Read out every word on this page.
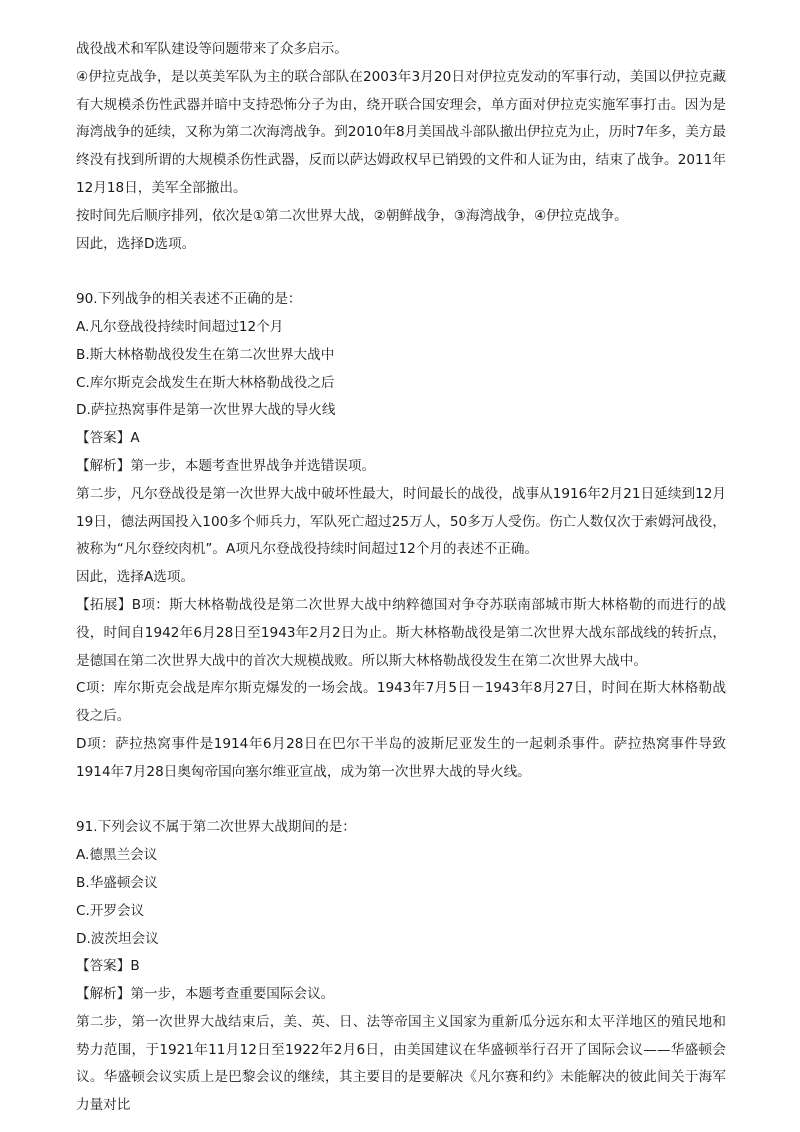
战役战术和军队建设等问题带来了众多启示。

④伊拉克战争，是以英美军队为主的联合部队在2003年3月20日对伊拉克发动的军事行动，美国以伊拉克藏有大规模杀伤性武器并暗中支持恐怖分子为由，绕开联合国安理会，单方面对伊拉克实施军事打击。因为是海湾战争的延续，又称为第二次海湾战争。到2010年8月美国战斗部队撤出伊拉克为止，历时7年多，美方最终没有找到所谓的大规模杀伤性武器，反而以萨达姆政权早已销毁的文件和人证为由，结束了战争。2011年12月18日，美军全部撤出。

按时间先后顺序排列，依次是①第二次世界大战，②朝鲜战争，③海湾战争，④伊拉克战争。

因此，选择D选项。

90.下列战争的相关表述不正确的是：

A.凡尔登战役持续时间超过12个月

B.斯大林格勒战役发生在第二次世界大战中

C.库尔斯克会战发生在斯大林格勒战役之后

D.萨拉热窝事件是第一次世界大战的导火线

【答案】A

【解析】第一步，本题考查世界战争并选错误项。

第二步，凡尔登战役是第一次世界大战中破坏性最大，时间最长的战役，战事从1916年2月21日延续到12月19日，德法两国投入100多个师兵力，军队死亡超过25万人，50多万人受伤。伤亡人数仅次于索姆河战役，被称为“凡尔登绞肉机”。A项凡尔登战役持续时间超过12个月的表述不正确。

因此，选择A选项。

【拓展】B项：斯大林格勒战役是第二次世界大战中纳粹德国对争夺苏联南部城市斯大林格勒的而进行的战役，时间自1942年6月28日至1943年2月2日为止。斯大林格勒战役是第二次世界大战东部战线的转折点，是德国在第二次世界大战中的首次大规模战败。所以斯大林格勒战役发生在第二次世界大战中。

C项：库尔斯克会战是库尔斯克爆发的一场会战。1943年7月5日－1943年8月27日，时间在斯大林格勒战役之后。

D项：萨拉热窝事件是1914年6月28日在巴尔干半岛的波斯尼亚发生的一起刺杀事件。萨拉热窝事件导致1914年7月28日奥匈帝国向塞尔维亚宣战，成为第一次世界大战的导火线。

91.下列会议不属于第二次世界大战期间的是：

A.德黑兰会议

B.华盛顿会议

C.开罗会议

D.波茨坦会议

【答案】B

【解析】第一步，本题考查重要国际会议。

第二步，第一次世界大战结束后，美、英、日、法等帝国主义国家为重新瓜分远东和太平洋地区的殖民地和势力范围，于1921年11月12日至1922年2月6日，由美国建议在华盛顿举行召开了国际会议——华盛顿会议。华盛顿会议实质上是巴黎会议的继续，其主要目的是要解决《凡尔赛和约》未能解决的彼此间关于海军力量对比
